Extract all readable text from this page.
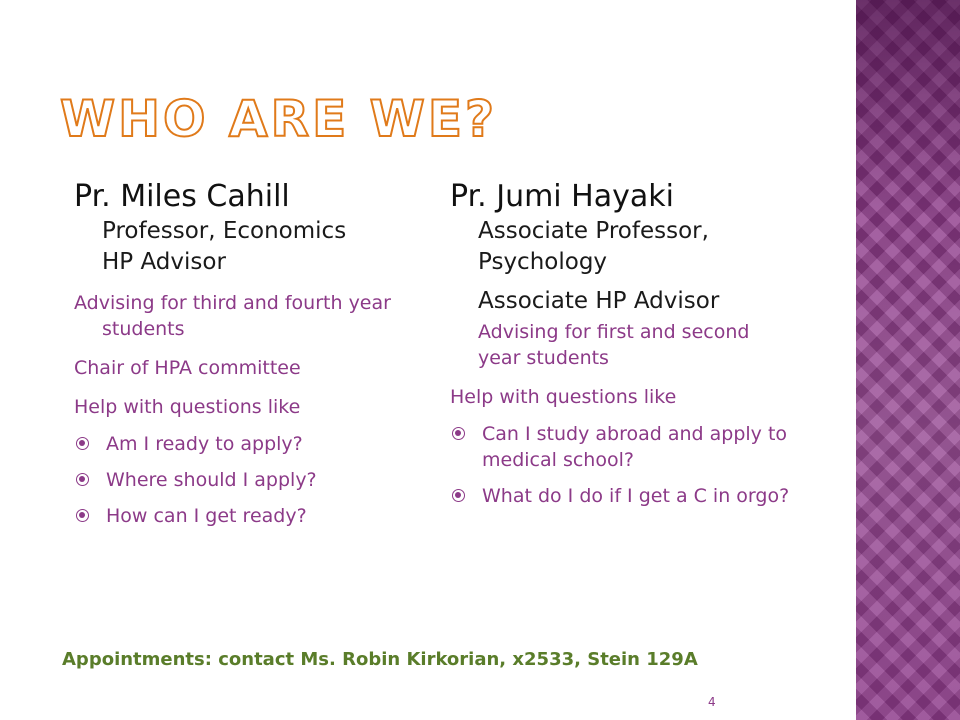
WHO ARE WE?

Pr. Miles Cahill

Professor, Economics

HP Advisor

Advising for third and fourth year students

Chair of HPA committee

Help with questions like

Am I ready to apply?
Where should I apply?
How can I get ready?

Pr. Jumi Hayaki

Associate Professor, Psychology

Associate HP Advisor

Advising for first and second year students

Help with questions like

Can I study abroad and apply to medical school?
What do I do if I get a C in orgo?

Appointments: contact Ms. Robin Kirkorian, x2533, Stein 129A

4
